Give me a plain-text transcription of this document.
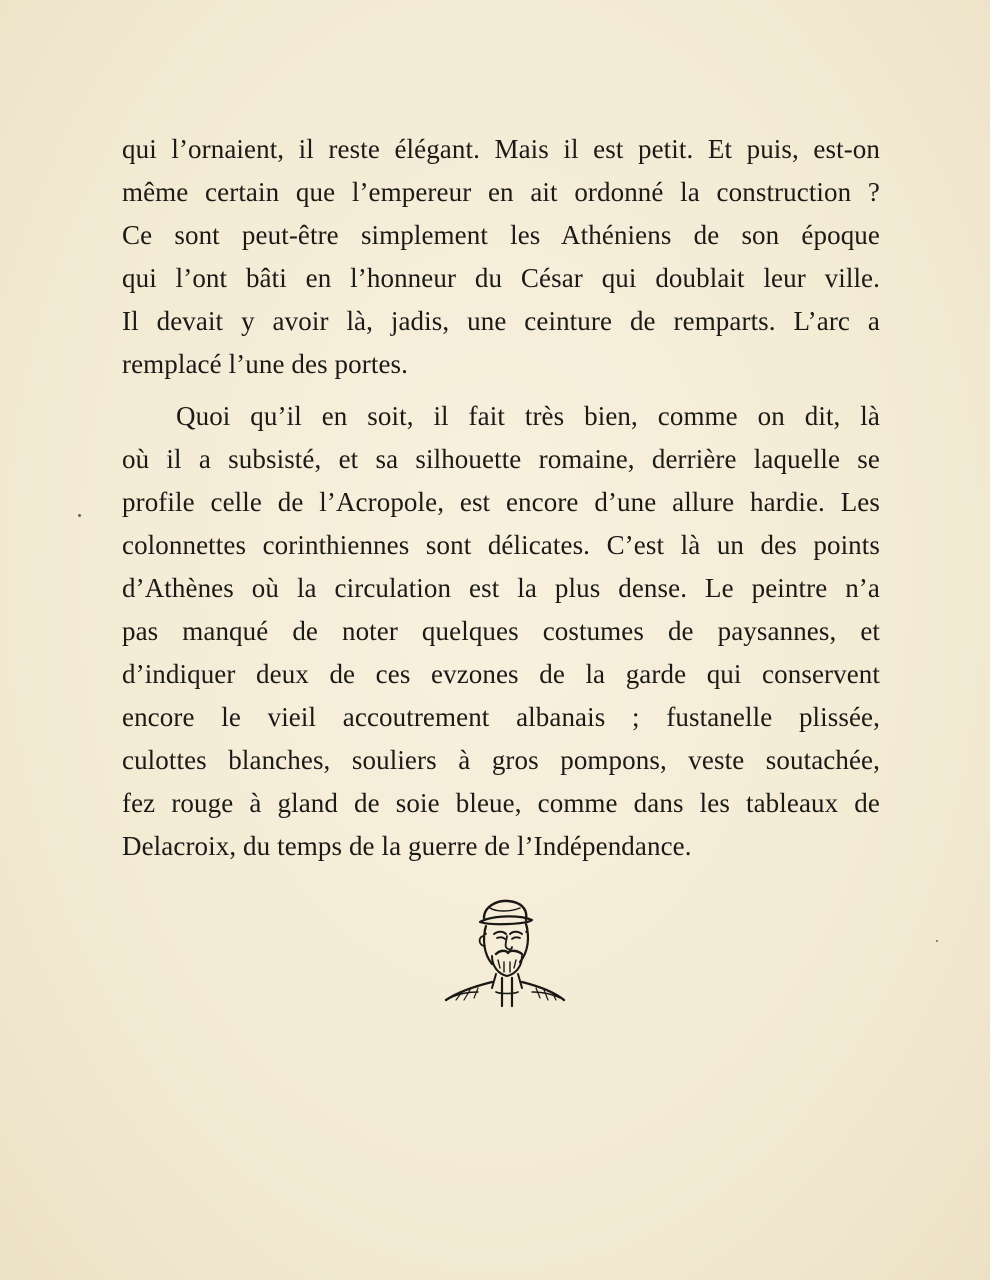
qui l’ornaient, il reste élégant. Mais il est petit. Et puis, est-on
même certain que l’empereur en ait ordonné la construction ?
Ce sont peut-être simplement les Athéniens de son époque
qui l’ont bâti en l’honneur du César qui doublait leur ville.
Il devait y avoir là, jadis, une ceinture de remparts. L’arc a
remplacé l’une des portes.
Quoi qu’il en soit, il fait très bien, comme on dit, là
où il a subsisté, et sa silhouette romaine, derrière laquelle se
profile celle de l’Acropole, est encore d’une allure hardie. Les
colonnettes corinthiennes sont délicates. C’est là un des points
d’Athènes où la circulation est la plus dense. Le peintre n’a
pas manqué de noter quelques costumes de paysannes, et
d’indiquer deux de ces evzones de la garde qui conservent
encore le vieil accoutrement albanais ; fustanelle plissée,
culottes blanches, souliers à gros pompons, veste soutachée,
fez rouge à gland de soie bleue, comme dans les tableaux de
Delacroix, du temps de la guerre de l’Indépendance.
